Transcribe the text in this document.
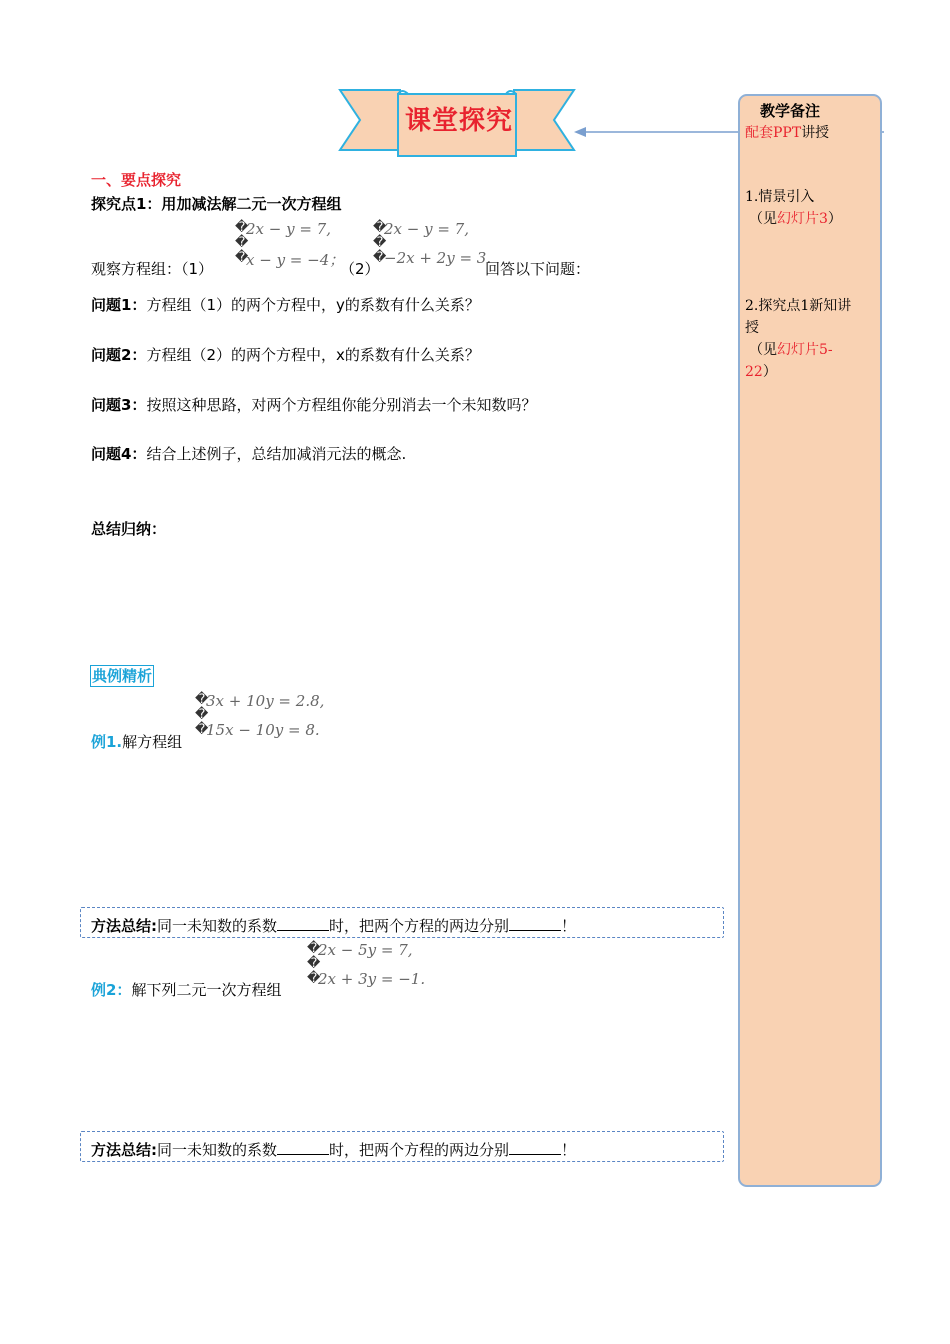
课堂探究	教学备注
配套PPT讲授
1.情景引入
（见幻灯片3）
2.探究点1新知讲
授
（见幻灯片5-
22）
一、要点探究
探究点1：用加减法解二元一次方程组
�
�
�
2x − y = 7,
x − y = −4；
�
�
�
2x − y = 7,
−2x + 2y = 3.
观察方程组：（1）	（2）	回答以下问题：
问题1：方程组（1）的两个方程中，y的系数有什么关系？
问题2：方程组（2）的两个方程中，x的系数有什么关系？
问题3：按照这种思路，对两个方程组你能分别消去一个未知数吗？
问题4：结合上述例子，总结加减消元法的概念.
总结归纳：
典例精析
�
�
�
3x + 10y = 2.8,
15x − 10y = 8.
例1.解方程组
方法总结:同一未知数的系数	时，把两个方程的两边分别	！
�
�
�
2x − 5y = 7,
2x + 3y = −1.
例2：解下列二元一次方程组
方法总结:同一未知数的系数	时，把两个方程的两边分别	！
